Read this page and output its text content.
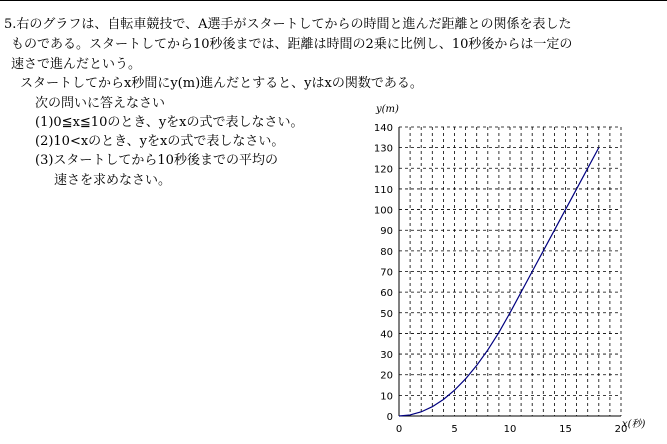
5.右のグラフは、自転車競技で、A選手がスタートしてからの時間と進んだ距離との関係を表した
ものである。スタートしてから10秒後までは、距離は時間の2乗に比例し、10秒後からは一定の
速さで進んだという。
スタートしてからx秒間にy(m)進んだとすると、yはxの関数である。
次の問いに答えなさい
(1)0≦x≦10のとき、yをxの式で表しなさい。
(2)10<xのとき、yをxの式で表しなさい。
(3)スタートしてから10秒後までの平均の
速さを求めなさい。
0
10
20
30
40
50
60
70
80
90
100
110
120
130
140
0	5	10	15	20
y(m)
x(秒)
